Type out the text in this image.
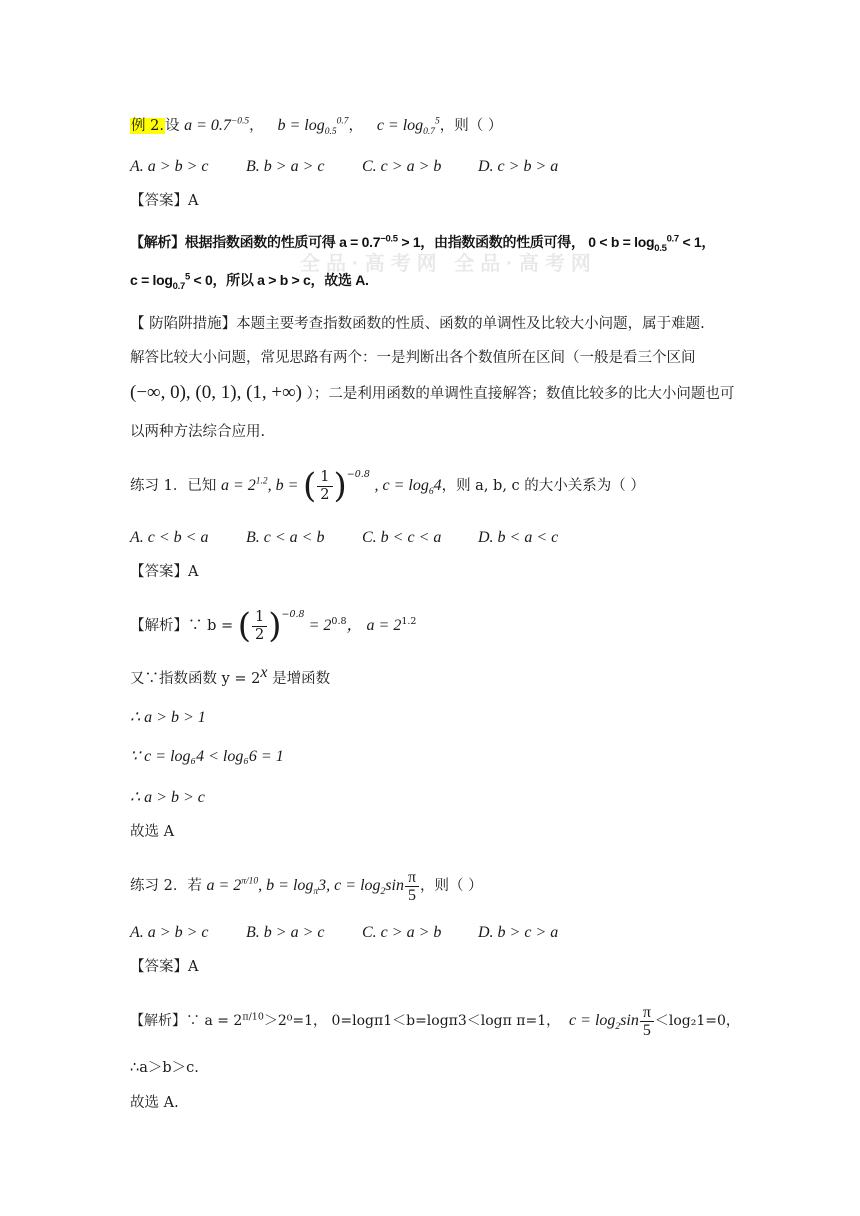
例 2.设 $a = 0.7^{-0.5}$，   $b = \log_{0.5}^{0.7}$，   $c = \log_{0.7}^5$，则（ ）
A. a > b > c B. b > a > c C. c > a > b D. c > b > a
【答案】A
全品·高考网 全品·高考网
【解析】根据指数函数的性质可得 $a = 0.7^{-0.5} > 1$，由指数函数的性质可得， $0 < b = \log_{0.5}^{0.7} < 1$，
$c = \log_{0.7}^5 < 0$，所以 a > b > c，故选 A.
【 防陷阱措施】本题主要考查指数函数的性质、函数的单调性及比较大小问题，属于难题.
解答比较大小问题，常见思路有两个：一是判断出各个数值所在区间（一般是看三个区间
(−∞, 0), (0, 1), (1, +∞) ）；二是利用函数的单调性直接解答；数值比较多的比大小问题也可
以两种方法综合应用.
练习 1．已知 $a = 2^{1.2}$, b = ( $\frac{1}{2} )^{-0.8}$ , $c = \log_64$，则 a, b, c 的大小关系为（ ）
A. c < b < a B. c < a < b C. b < c < a D. b < a < c
【答案】A
【解析】∵ b = ( $\frac{1}{2} )^{-0.8} = 2^{0.8}$， $a = 2^{1.2}$
又∵指数函数 $y = 2^x$ 是增函数
∴ a > b > 1
∵ c = log₆4 < log₆6 = 1
∴ a > b > c
故选 A
练习 2．若 $a = 2^{\pi/10}$, $b = \log_\pi 3$, $c = \log_2\sin \frac{\pi}{5}$ ，则（ ）
A. a > b > c B. b > a > c C. c > a > b D. b > c > a
【答案】A
【解析】∵ $a = 2^{\pi/10}>2^0=1$， 0=logπ1＜b=logπ3＜logπ π=1， $c = \log_2\sin \frac{\pi}{5} <\log_21=0$，
∴a＞b＞c.
故选 A.
